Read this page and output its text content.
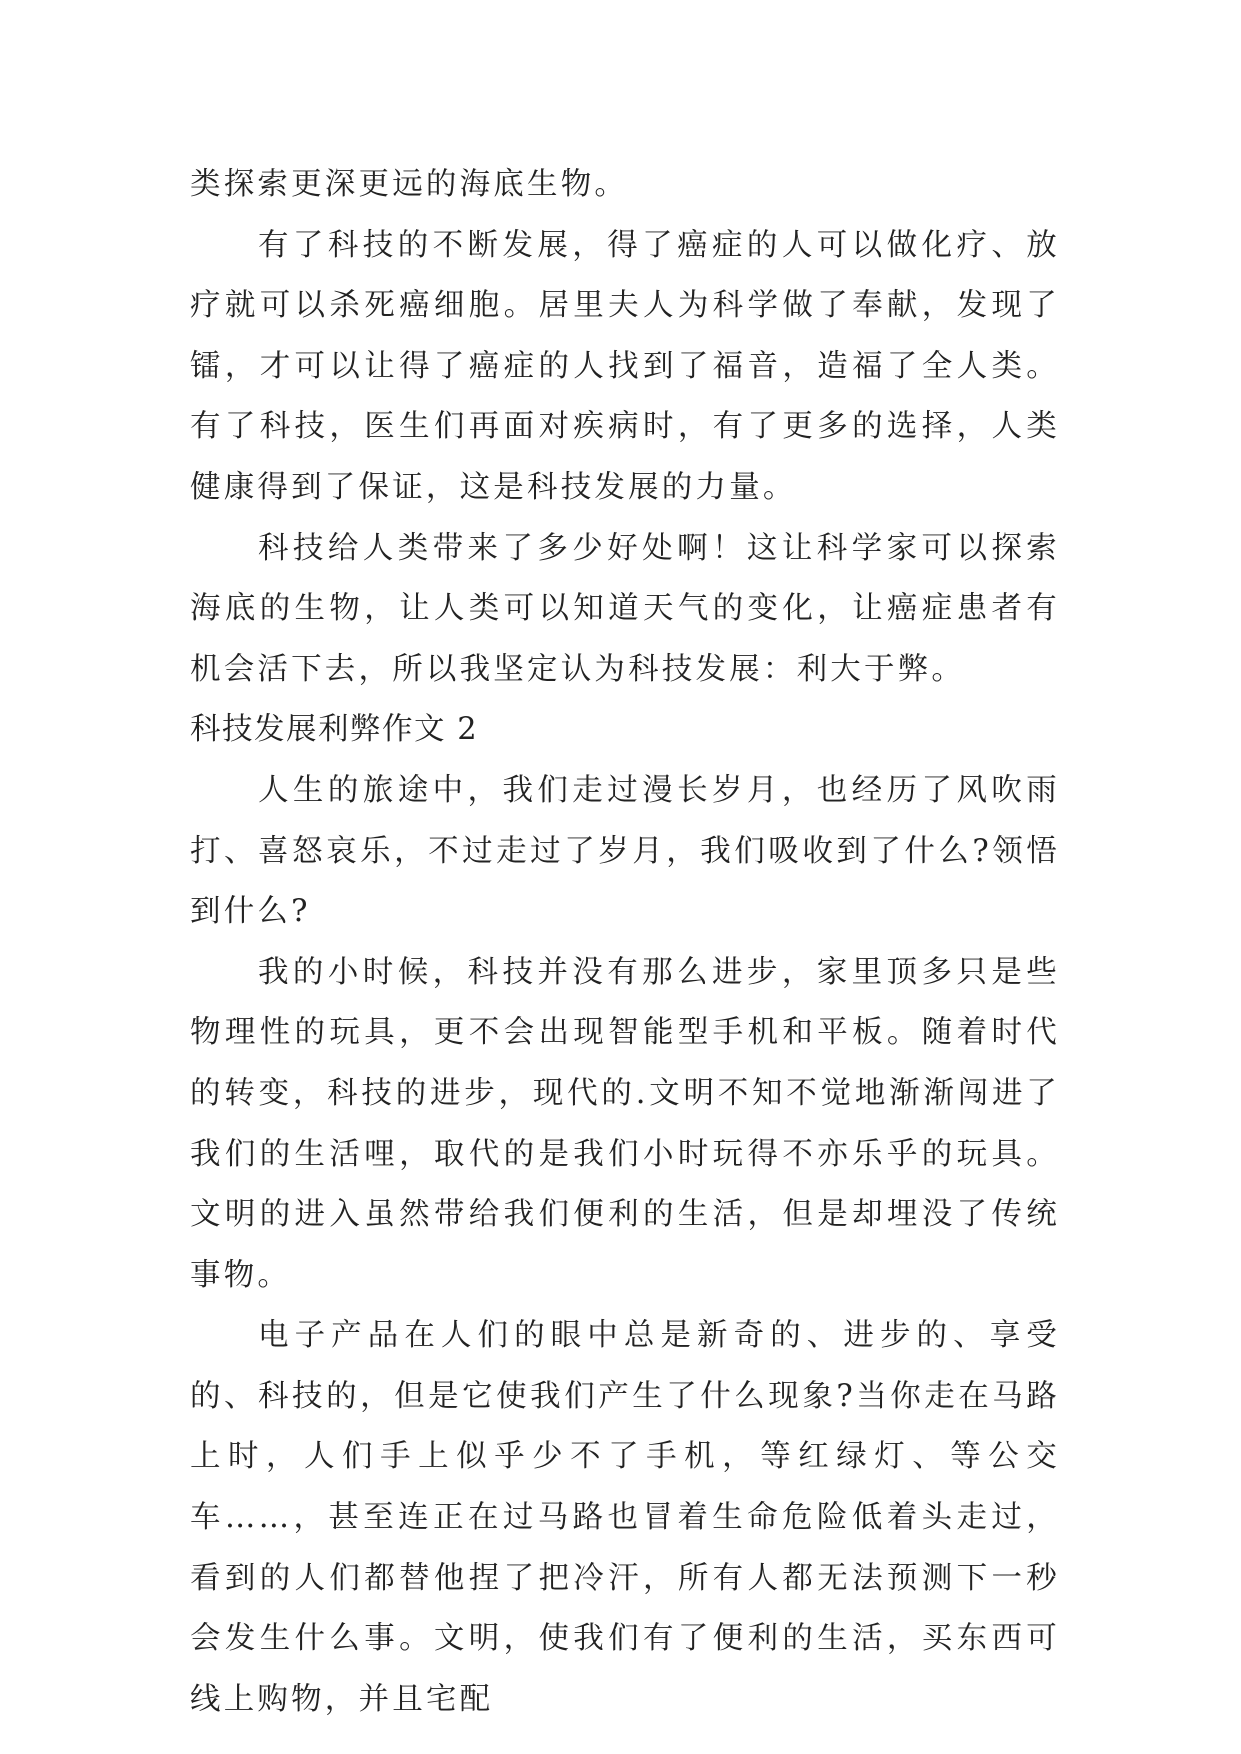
类探索更深更远的海底生物。

有了科技的不断发展，得了癌症的人可以做化疗、放疗就可以杀死癌细胞。居里夫人为科学做了奉献，发现了镭，才可以让得了癌症的人找到了福音，造福了全人类。有了科技，医生们再面对疾病时，有了更多的选择，人类健康得到了保证，这是科技发展的力量。

科技给人类带来了多少好处啊！这让科学家可以探索海底的生物，让人类可以知道天气的变化，让癌症患者有机会活下去，所以我坚定认为科技发展：利大于弊。

科技发展利弊作文 2

人生的旅途中，我们走过漫长岁月，也经历了风吹雨打、喜怒哀乐，不过走过了岁月，我们吸收到了什么?领悟到什么?

我的小时候，科技并没有那么进步，家里顶多只是些物理性的玩具，更不会出现智能型手机和平板。随着时代的转变，科技的进步，现代的.文明不知不觉地渐渐闯进了我们的生活哩，取代的是我们小时玩得不亦乐乎的玩具。文明的进入虽然带给我们便利的生活，但是却埋没了传统事物。

电子产品在人们的眼中总是新奇的、进步的、享受的、科技的，但是它使我们产生了什么现象?当你走在马路上时，人们手上似乎少不了手机，等红绿灯、等公交车……，甚至连正在过马路也冒着生命危险低着头走过，看到的人们都替他捏了把冷汗，所有人都无法预测下一秒会发生什么事。文明，使我们有了便利的生活，买东西可线上购物，并且宅配
